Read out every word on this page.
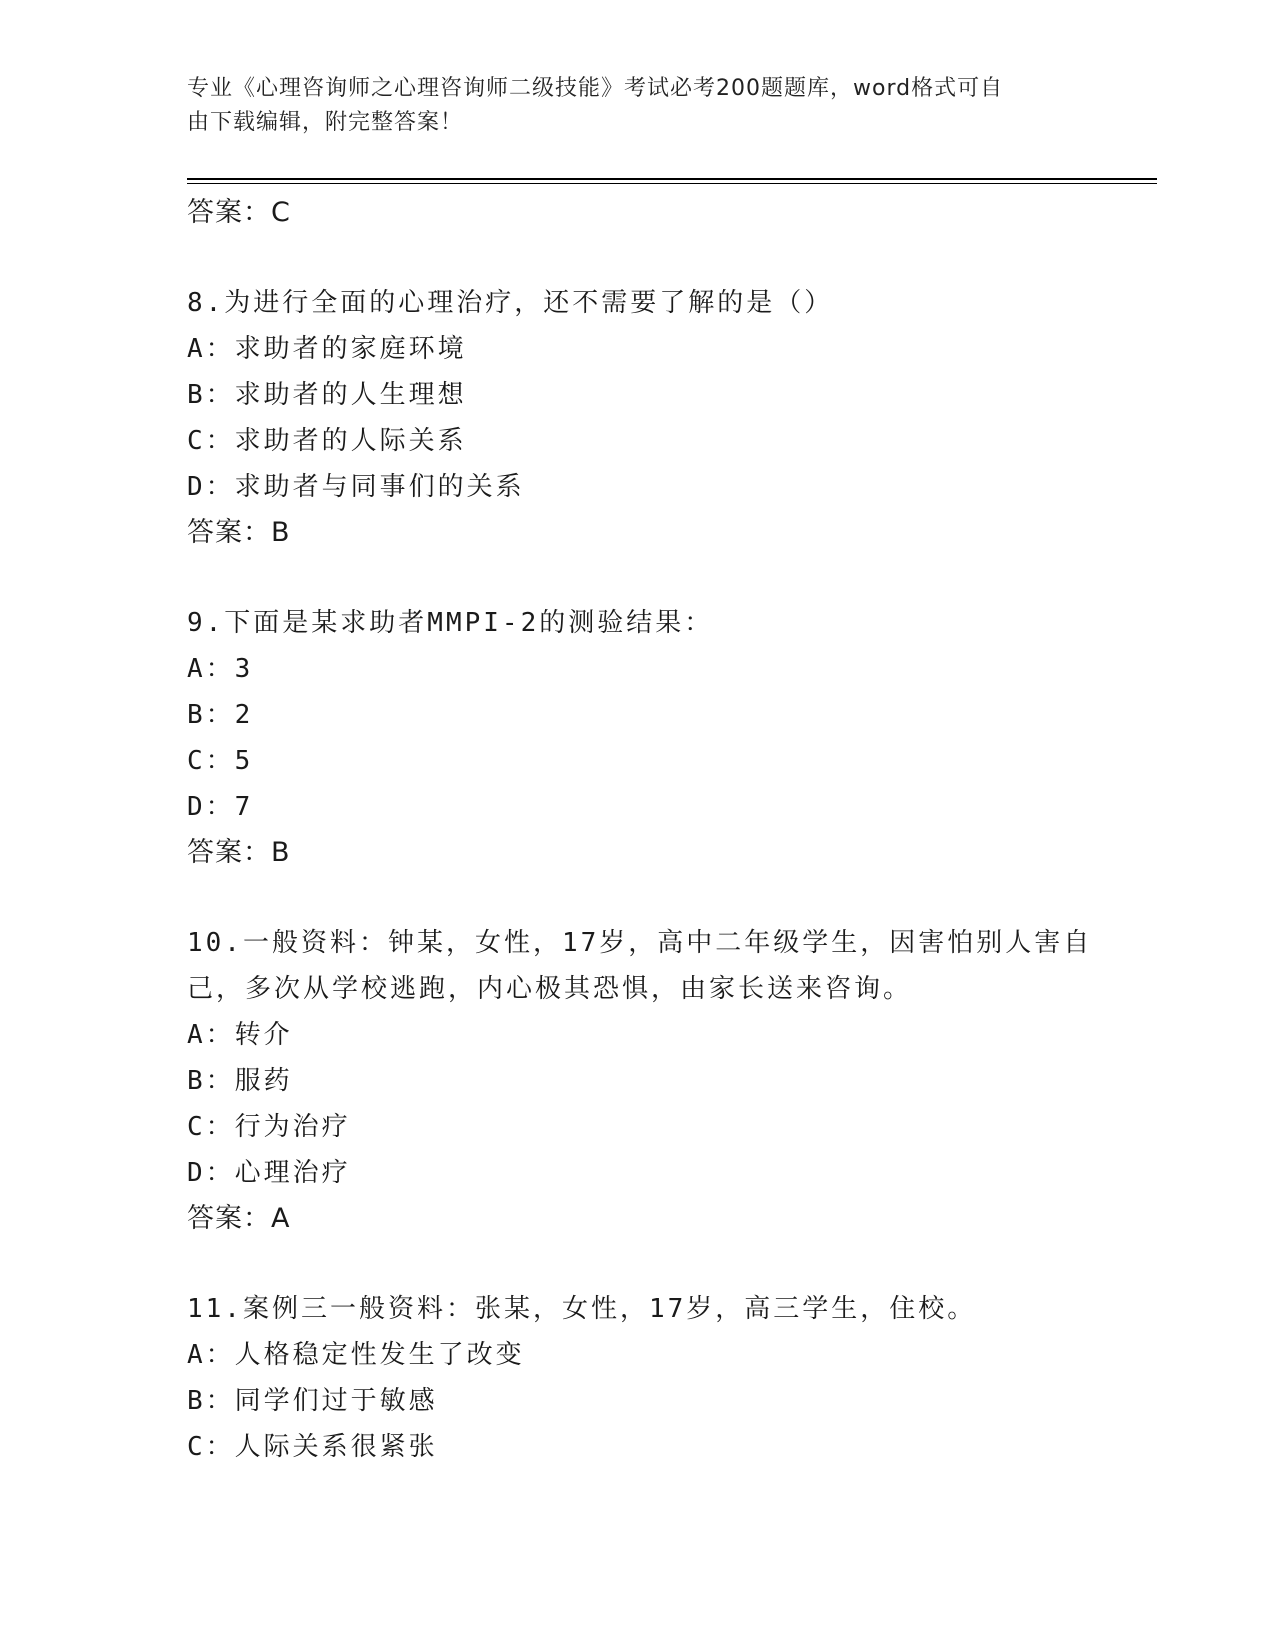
专业《心理咨询师之心理咨询师二级技能》考试必考200题题库，word格式可自
由下载编辑，附完整答案！
答案：C
8.为进行全面的心理治疗，还不需要了解的是（）
A：求助者的家庭环境
B：求助者的人生理想
C：求助者的人际关系
D：求助者与同事们的关系
答案：B
9.下面是某求助者MMPI-2的测验结果：
A：3
B：2
C：5
D：7
答案：B
10.一般资料：钟某，女性，17岁，高中二年级学生，因害怕别人害自
己，多次从学校逃跑，内心极其恐惧，由家长送来咨询。
A：转介
B：服药
C：行为治疗
D：心理治疗
答案：A
11.案例三一般资料：张某，女性，17岁，高三学生，住校。
A：人格稳定性发生了改变
B：同学们过于敏感
C：人际关系很紧张
